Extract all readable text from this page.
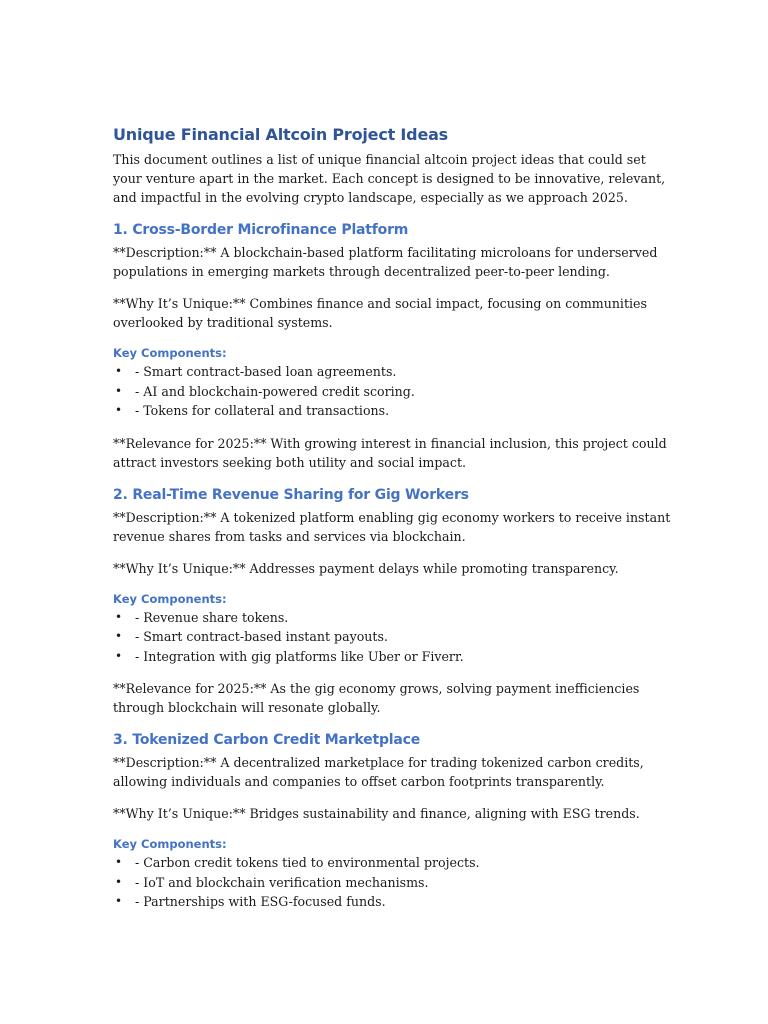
Unique Financial Altcoin Project Ideas
This document outlines a list of unique financial altcoin project ideas that could set your venture apart in the market. Each concept is designed to be innovative, relevant, and impactful in the evolving crypto landscape, especially as we approach 2025.
1. Cross-Border Microfinance Platform
**Description:** A blockchain-based platform facilitating microloans for underserved populations in emerging markets through decentralized peer-to-peer lending.
**Why It’s Unique:** Combines finance and social impact, focusing on communities overlooked by traditional systems.
Key Components:
• - Smart contract-based loan agreements.
• - AI and blockchain-powered credit scoring.
• - Tokens for collateral and transactions.
**Relevance for 2025:** With growing interest in financial inclusion, this project could attract investors seeking both utility and social impact.
2. Real-Time Revenue Sharing for Gig Workers
**Description:** A tokenized platform enabling gig economy workers to receive instant revenue shares from tasks and services via blockchain.
**Why It’s Unique:** Addresses payment delays while promoting transparency.
Key Components:
• - Revenue share tokens.
• - Smart contract-based instant payouts.
• - Integration with gig platforms like Uber or Fiverr.
**Relevance for 2025:** As the gig economy grows, solving payment inefficiencies through blockchain will resonate globally.
3. Tokenized Carbon Credit Marketplace
**Description:** A decentralized marketplace for trading tokenized carbon credits, allowing individuals and companies to offset carbon footprints transparently.
**Why It’s Unique:** Bridges sustainability and finance, aligning with ESG trends.
Key Components:
• - Carbon credit tokens tied to environmental projects.
• - IoT and blockchain verification mechanisms.
• - Partnerships with ESG-focused funds.
